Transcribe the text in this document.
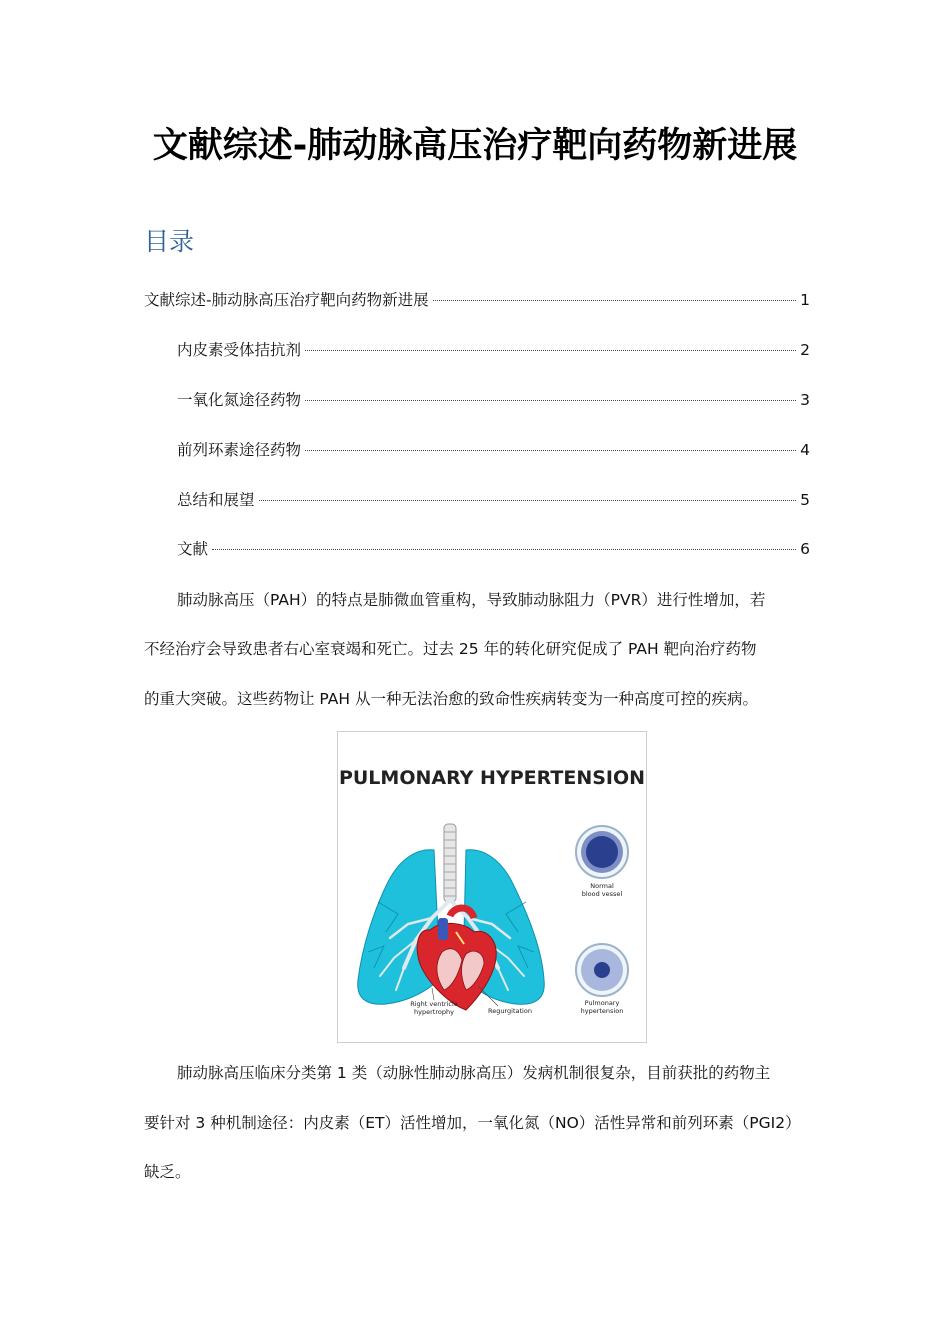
文献综述-肺动脉高压治疗靶向药物新进展
目录
文献综述-肺动脉高压治疗靶向药物新进展	1
内皮素受体拮抗剂	2
一氧化氮途径药物	3
前列环素途径药物	4
总结和展望	5
文献	6
肺动脉高压（PAH）的特点是肺微血管重构，导致肺动脉阻力（PVR）进行性增加，若
不经治疗会导致患者右心室衰竭和死亡。过去 25 年的转化研究促成了 PAH 靶向治疗药物
的重大突破。这些药物让 PAH 从一种无法治愈的致命性疾病转变为一种高度可控的疾病。
PULMONARY HYPERTENSION
Normal
blood vessel
Pulmonary
hypertension
Right ventricle
hypertrophy	Regurgitation
肺动脉高压临床分类第 1 类（动脉性肺动脉高压）发病机制很复杂，目前获批的药物主
要针对 3 种机制途径：内皮素（ET）活性增加，一氧化氮（NO）活性异常和前列环素（PGI2）
缺乏。
